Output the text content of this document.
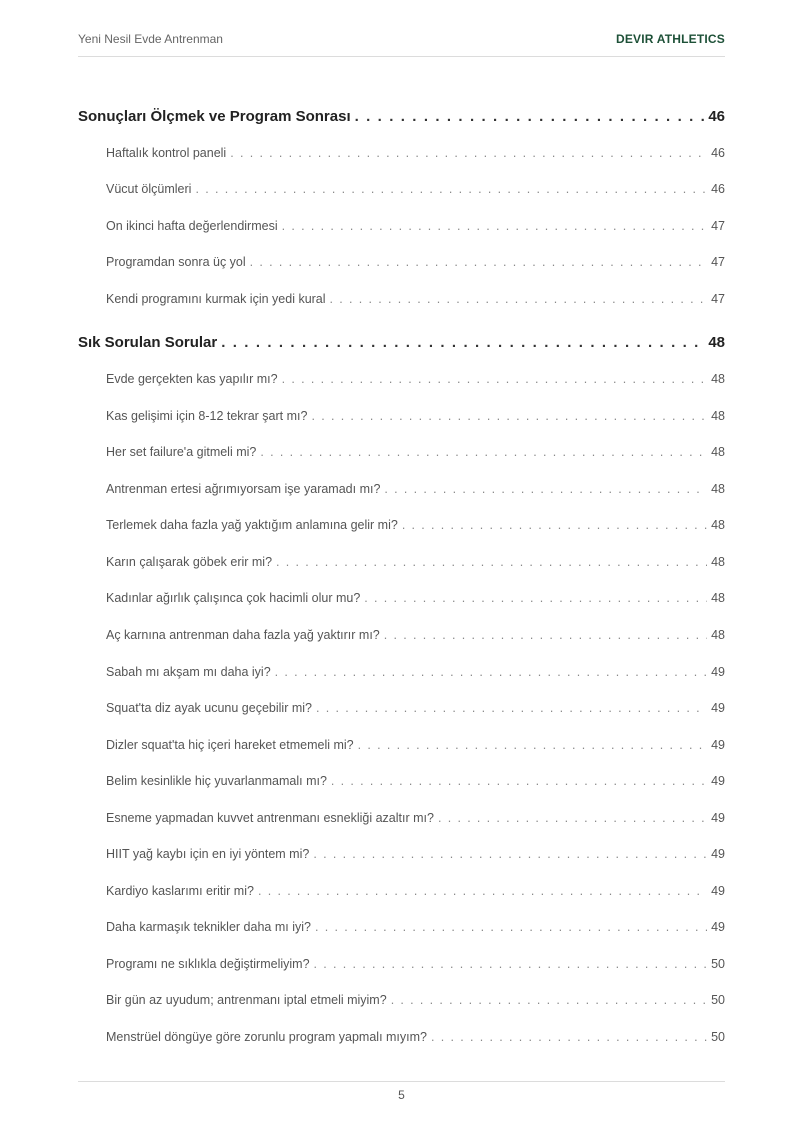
Yeni Nesil Evde Antrenman	DEVIR ATHLETICS
Sonuçları Ölçmek ve Program Sonrası . . .	46
Haftalık kontrol paneli . . .	46
Vücut ölçümleri . . .	46
On ikinci hafta değerlendirmesi . . .	47
Programdan sonra üç yol . . .	47
Kendi programını kurmak için yedi kural . . .	47
Sık Sorulan Sorular . . .	48
Evde gerçekten kas yapılır mı? . . .	48
Kas gelişimi için 8-12 tekrar şart mı? . . .	48
Her set failure'a gitmeli mi? . . .	48
Antrenman ertesi ağrımıyorsam işe yaramadı mı? . . .	48
Terlemek daha fazla yağ yaktığım anlamına gelir mi? . . .	48
Karın çalışarak göbek erir mi? . . .	48
Kadınlar ağırlık çalışınca çok hacimli olur mu? . . .	48
Aç karnına antrenman daha fazla yağ yaktırır mı? . . .	48
Sabah mı akşam mı daha iyi? . . .	49
Squat'ta diz ayak ucunu geçebilir mi? . . .	49
Dizler squat'ta hiç içeri hareket etmemeli mi? . . .	49
Belim kesinlikle hiç yuvarlanmamalı mı? . . .	49
Esneme yapmadan kuvvet antrenmanı esnekliği azaltır mı? . . .	49
HIIT yağ kaybı için en iyi yöntem mi? . . .	49
Kardiyo kaslarımı eritir mi? . . .	49
Daha karmaşık teknikler daha mı iyi? . . .	49
Programı ne sıklıkla değiştirmeliyim? . . .	50
Bir gün az uyudum; antrenmanı iptal etmeli miyim? . . .	50
Menstrüel döngüye göre zorunlu program yapmalı mıyım? . . .	50
5
